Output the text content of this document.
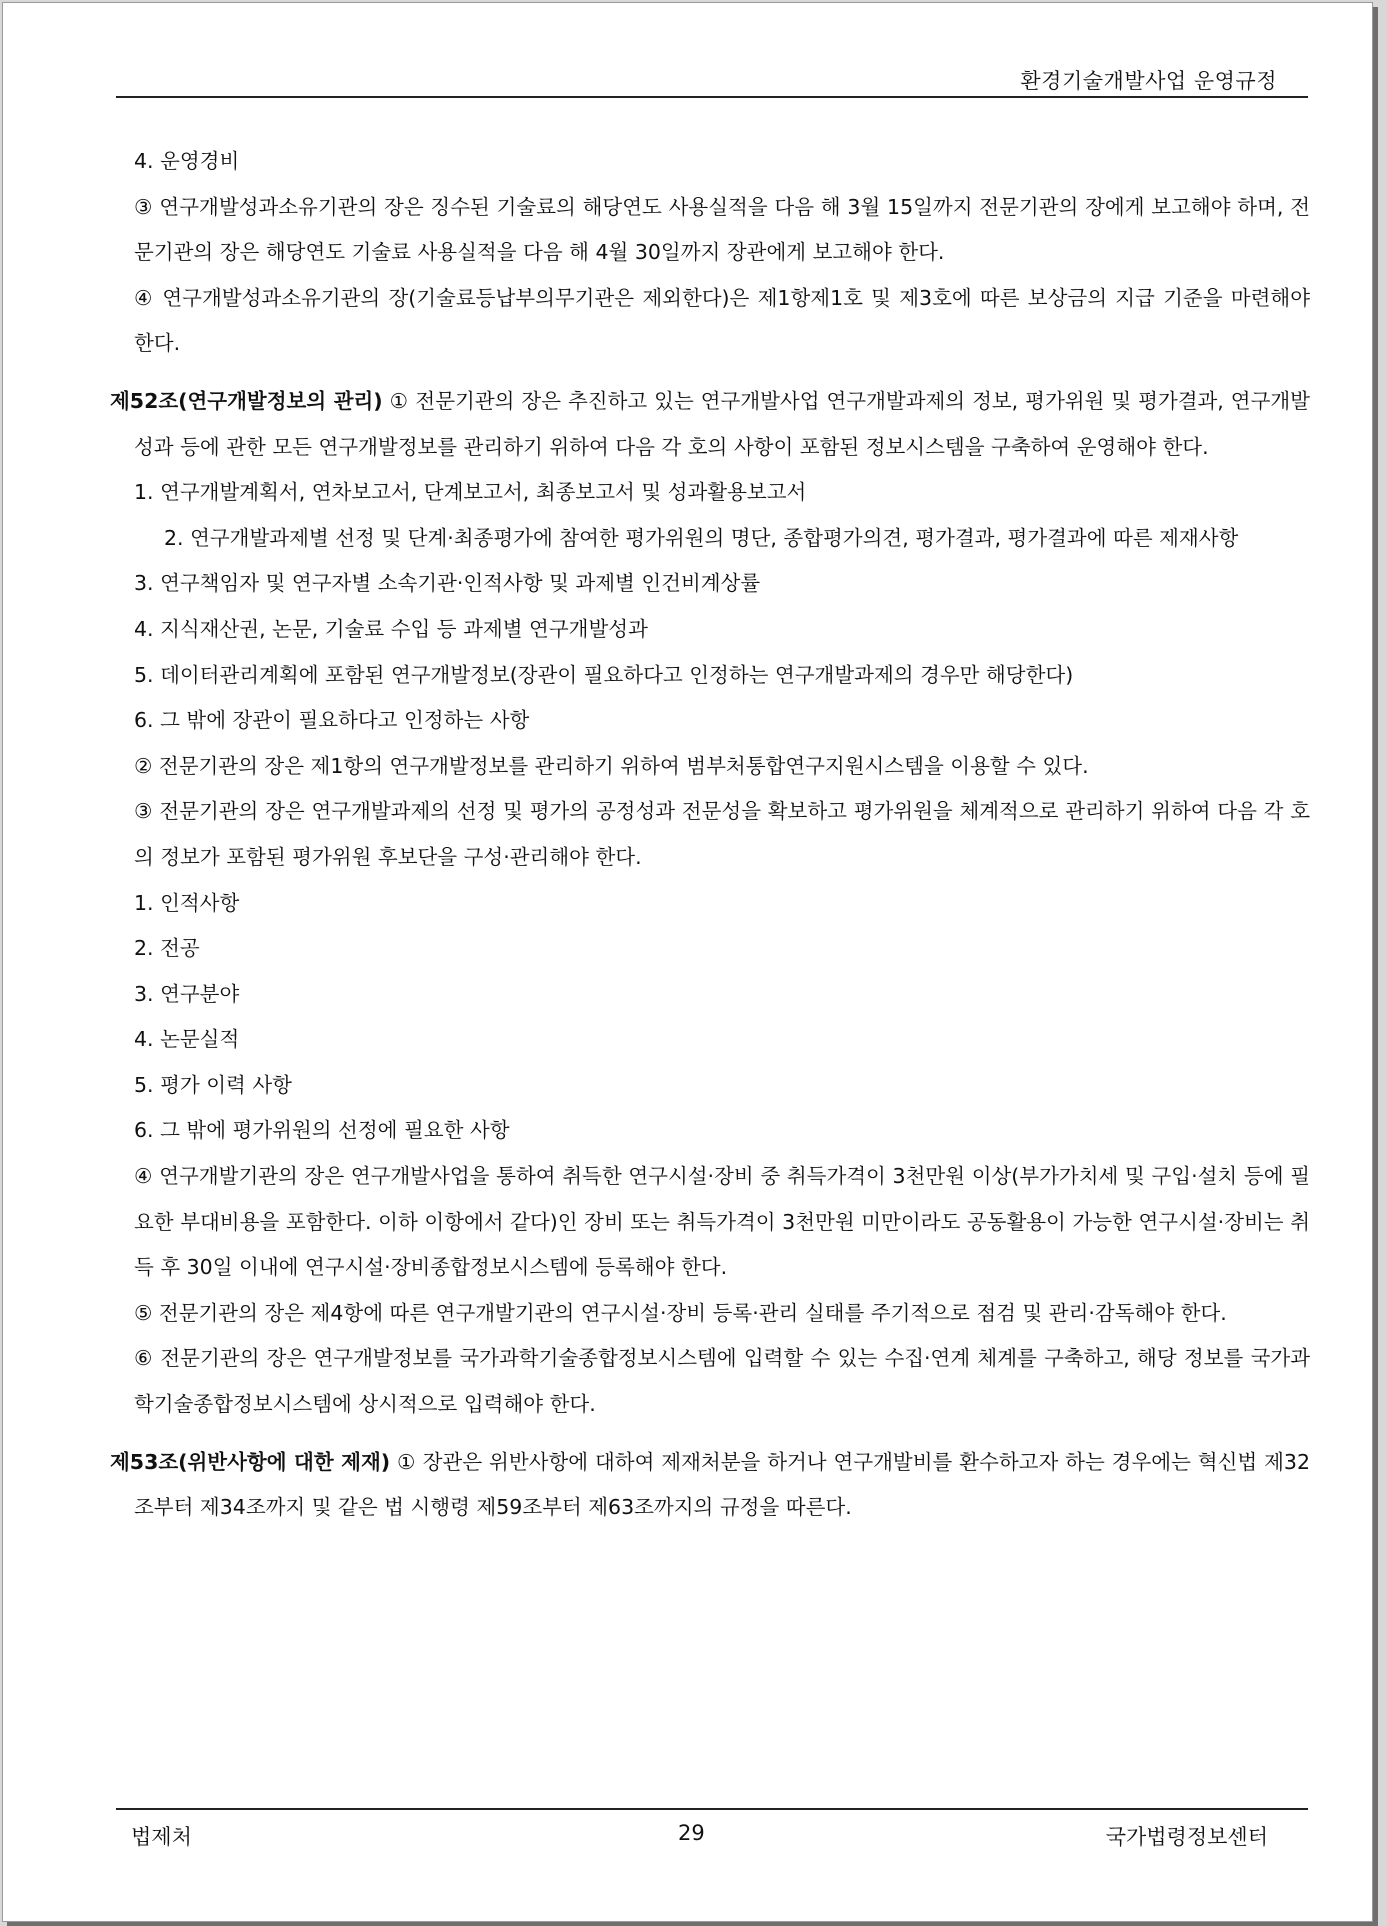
환경기술개발사업 운영규정

4. 운영경비

③ 연구개발성과소유기관의 장은 징수된 기술료의 해당연도 사용실적을 다음 해 3월 15일까지 전문기관의 장에게 보고해야 하며, 전문기관의 장은 해당연도 기술료 사용실적을 다음 해 4월 30일까지 장관에게 보고해야 한다.

④ 연구개발성과소유기관의 장(기술료등납부의무기관은 제외한다)은 제1항제1호 및 제3호에 따른 보상금의 지급 기준을 마련해야 한다.

제52조(연구개발정보의 관리) ① 전문기관의 장은 추진하고 있는 연구개발사업 연구개발과제의 정보, 평가위원 및 평가결과, 연구개발성과 등에 관한 모든 연구개발정보를 관리하기 위하여 다음 각 호의 사항이 포함된 정보시스템을 구축하여 운영해야 한다.

1. 연구개발계획서, 연차보고서, 단계보고서, 최종보고서 및 성과활용보고서

2. 연구개발과제별 선정 및 단계·최종평가에 참여한 평가위원의 명단, 종합평가의견, 평가결과, 평가결과에 따른 제재사항

3. 연구책임자 및 연구자별 소속기관·인적사항 및 과제별 인건비계상률

4. 지식재산권, 논문, 기술료 수입 등 과제별 연구개발성과

5. 데이터관리계획에 포함된 연구개발정보(장관이 필요하다고 인정하는 연구개발과제의 경우만 해당한다)

6. 그 밖에 장관이 필요하다고 인정하는 사항

② 전문기관의 장은 제1항의 연구개발정보를 관리하기 위하여 범부처통합연구지원시스템을 이용할 수 있다.

③ 전문기관의 장은 연구개발과제의 선정 및 평가의 공정성과 전문성을 확보하고 평가위원을 체계적으로 관리하기 위하여 다음 각 호의 정보가 포함된 평가위원 후보단을 구성·관리해야 한다.

1. 인적사항

2. 전공

3. 연구분야

4. 논문실적

5. 평가 이력 사항

6. 그 밖에 평가위원의 선정에 필요한 사항

④ 연구개발기관의 장은 연구개발사업을 통하여 취득한 연구시설·장비 중 취득가격이 3천만원 이상(부가가치세 및 구입·설치 등에 필요한 부대비용을 포함한다. 이하 이항에서 같다)인 장비 또는 취득가격이 3천만원 미만이라도 공동활용이 가능한 연구시설·장비는 취득 후 30일 이내에 연구시설·장비종합정보시스템에 등록해야 한다.

⑤ 전문기관의 장은 제4항에 따른 연구개발기관의 연구시설·장비 등록·관리 실태를 주기적으로 점검 및 관리·감독해야 한다.

⑥ 전문기관의 장은 연구개발정보를 국가과학기술종합정보시스템에 입력할 수 있는 수집·연계 체계를 구축하고, 해당 정보를 국가과학기술종합정보시스템에 상시적으로 입력해야 한다.

제53조(위반사항에 대한 제재) ① 장관은 위반사항에 대하여 제재처분을 하거나 연구개발비를 환수하고자 하는 경우에는 혁신법 제32조부터 제34조까지 및 같은 법 시행령 제59조부터 제63조까지의 규정을 따른다.

법제처	29	국가법령정보센터
